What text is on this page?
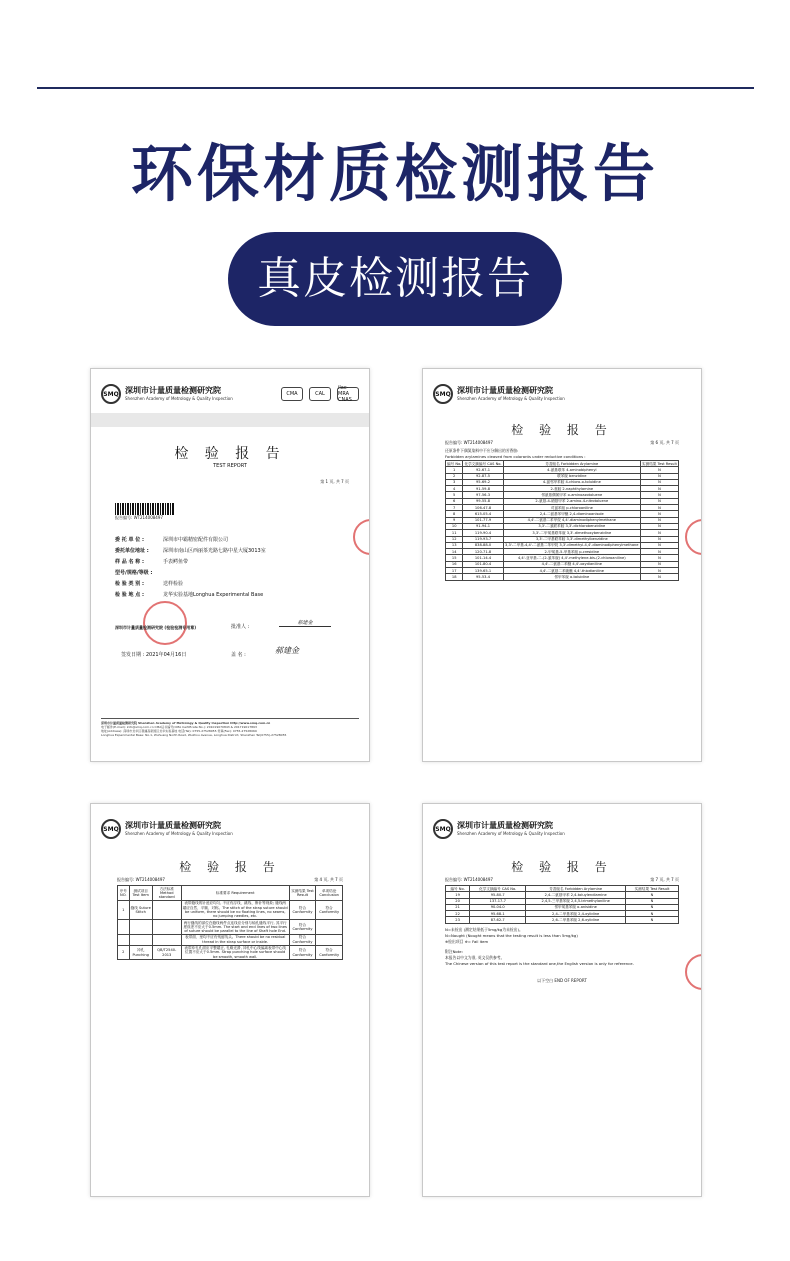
环保材质检测报告
真皮检测报告
SMQ 深圳市计量质量检测研究院
Shenzhen Academy of Metrology & Quality Inspection
CMA	CAL
ilac-MRA CNAS
检 验 报 告
TEST REPORT
第 1 页, 共 7 页
报告编号: WT214008497
委 托 单 位 :	深圳市中霸精密配件有限公司
委托单位地址 :	深圳市南山区西丽茶光路七路中星大厦3013室
样 品 名 称 :	手表鳄鱼带
型号/规格/等级 :
检 验 类 别 :	送样检验
检 验 地 点 :	龙华实验基地Longhua Experimental Base
深圳市计量质量检测研究院 (检验检测专用章)	批准人 :
郝建金
签发日期 : 2021年04月16日	盖 名 :	郝建金
深圳市计量质量检测研究院 Shenzhen Academy of Metrology & Quality Inspection http://www.smq.com.cn
电子邮件(E-mail): info@smq.com.cn CMA证书编号(CMA Certificate No.): 201019070843 & 201719017893
地址(Address): 深圳市龙华区观澜高新园区龙华实验基地 电话(Tel): 0755-27528055 传真(Fax): 0755-27528069
Longhua Experimental Base: No.1, Wuhuang North Road, Wuzhou Avenue, Longhua District, Shenzhen Tel(0755)-27528055
SMQ 深圳市计量质量检测研究院
Shenzhen Academy of Metrology & Quality Inspection
检 验 报 告
报告编号: WT214008497	第 6 页, 共 7 页
还原条件下偶氮染料中不应分解出的芳香胺:
Forbidden arylamines cleaved from colorants under reductive conditions :
编号 No.	化学文摘编号 CAS No.	芳香胺名 Forbidden Arylamine	实测结果 Test Result
1	92-67-1	4-氨基联苯 4-aminobiphenyl	N
2	92-87-5	联苯胺 benzidine	N
3	95-69-2	4-氯邻甲苯胺 4-chloro-o-toluidine	N
4	91-59-8	2-萘胺 2-naphthylamine	N
5	97-56-3	邻氨基偶氮甲苯 o-aminoazotoluene	N
6	99-55-8	2-氨基-4-硝基甲苯 2-amino-4-nitrotoluene	N
7	106-47-8	对氯苯胺 p-chloroaniline	N
8	615-05-4	2,4-二氨基苯甲醚 2,4-diaminoanisole	N
9	101-77-9	4,4'-二氨基二苯甲烷 4,4'-diaminodiphenylmethane	N
10	91-94-1	3,3'-二氯联苯胺 3,3'-dichlorobenzidine	N
11	119-90-4	3,3'-二甲氧基联苯胺 3,3'-dimethoxybenzidine	N
12	119-93-7	3,3'-二甲基联苯胺 3,3'-dimethylbenzidine	N
13	838-88-0	3,3'-二甲基-4,4'-二氨基二苯甲烷 3,3'-dimethyl-4,4'-diaminodiphenylmethane	N
14	120-71-8	2-甲氧基-5-甲基苯胺 p-cresidine	N
15	101-14-4	4,4'-亚甲基-二-(2-氯苯胺) 4,4'-methylene-bis-(2-chloroaniline)	N
16	101-80-4	4,4'-二氨基二苯醚 4,4'-oxydianiline	N
17	139-65-1	4,4'-二氨基二苯硫醚 4,4'-thiodianiline	N
18	95-53-4	邻甲苯胺 o-toluidine	N
SMQ 深圳市计量质量检测研究院
Shenzhen Academy of Metrology & Quality Inspection
检 验 报 告
报告编号: WT214008497	第 4 页, 共 7 页
序号 NO.	测试项目 Test Item	方法标准 Method standard	标准要求 Requirement	实测结果 Test Result	单项结论 Conclusion
1	缝线 Suture Stitch		表带缝线的针迹应均匀, 不应有浮线、跳线、断针等现象; 缝线两端应自然、平顺、对称。The stitch of the strap suture should be uniform, there should be no floating lines, no seams, no jumping needles, etc.	符合Conformity	符合 Conformity
			两行缝线的部位在缝线两件点连线应分别与轴孔缝线平行, 其平行度误差不应大于0.5mm. The start and end lines of two lines of suture should be parallel to the line of Shaft hole End.	符合Conformity	
			表带面、里均不应有残留线头。There should be no residual thread in the strap surface or inside.	符合Conformity	
2	冲孔 Punching	QB/T2540-2013	表带冲孔孔面应平整端正, 孔缘光滑, 冲孔中心线偏离表带中心线位置不应大于0.5mm. Strap punching hole surface should be smooth, smooth wall.	符合Conformity	符合 Conformity
SMQ 深圳市计量质量检测研究院
Shenzhen Academy of Metrology & Quality Inspection
检 验 报 告
报告编号: WT214008497	第 7 页, 共 7 页
编号 No.	化学文摘编号 CAS No.	芳香胺名 Forbidden Arylamine	实测结果 Test Result
19	95-80-7	2,4-二氨基甲苯 2,4-toluylendiamine	N
20	137-17-7	2,4,5-三甲基苯胺 2,4,5-trimethylaniline	N
21	90-04-0	邻甲氧基苯胺 o-anisidine	N
22	95-68-1	2,4-二甲基苯胺 2,4-xylidine	N
23	87-62-7	2,6-二甲基苯胺 2,6-xylidine	N
N=未检出 (测定结果低于5mg/kg为未检出)。
N=Nought (Nought means that the testing result is less than 5mg/kg)
※检出项目 ※= Fail item
附注Note:
本报告以中文为准, 英文仅供参考。
The Chinese version of this test report is the standard one,the English version is only for reference.
以下空白 END OF REPORT
